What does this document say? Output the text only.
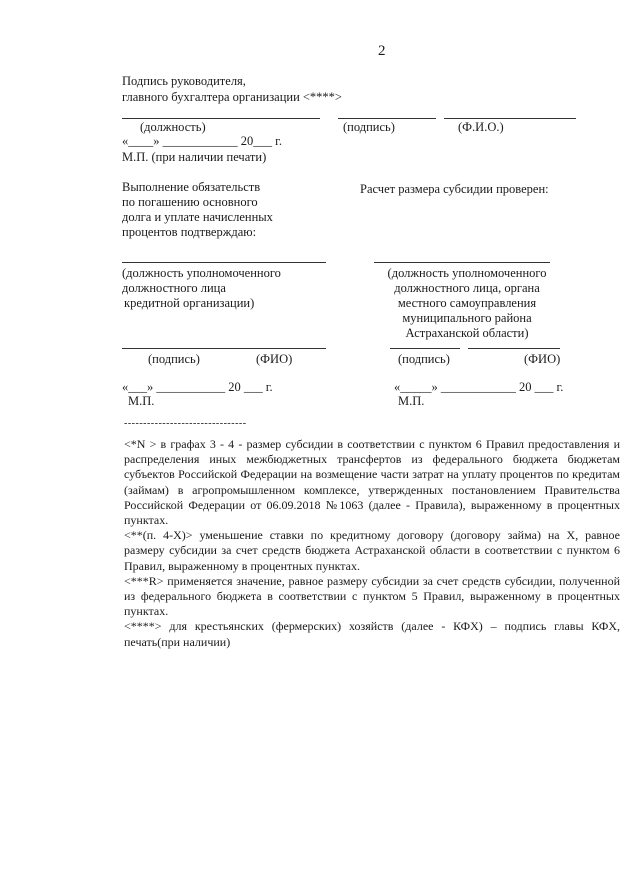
2
Подпись руководителя,
главного бухгалтера организации <****>
(должность)	(подпись)	(Ф.И.О.)
«____» ____________ 20___ г.
М.П. (при наличии печати)
Выполнение обязательств
по погашению основного
долга и уплате начисленных
процентов подтверждаю:
(должность уполномоченного
должностного лица
кредитной организации)
(подпись)	(ФИО)
«___» ___________ 20 ___ г.
М.П.
Расчет размера субсидии проверен:
(должность уполномоченного
должностного лица, органа
местного самоуправления
муниципального района
Астраханской области)
(подпись)	(ФИО)
«_____» ____________ 20 ___ г.
М.П.
--------------------------------

<*N > в графах 3 - 4 - размер субсидии в соответствии с пунктом 6 Правил предоставления и распределения иных межбюджетных трансфертов из федерального бюджета бюджетам субъектов Российской Федерации на возмещение части затрат на уплату процентов по кредитам (займам) в агропромышленном комплексе, утвержденных постановлением Правительства Российской Федерации от 06.09.2018 №1063 (далее - Правила), выраженному в процентных пунктах.

<**(п. 4-Х)> уменьшение ставки по кредитному договору (договору займа) на Х, равное размеру субсидии за счет средств бюджета Астраханской области в соответствии с пунктом 6 Правил, выраженному в процентных пунктах.

<***R> применяется значение, равное размеру субсидии за счет средств субсидии, полученной из федерального бюджета в соответствии с пунктом 5 Правил, выраженному в процентных пунктах.

<****> для крестьянских (фермерских) хозяйств (далее - КФХ) – подпись главы КФХ, печать(при наличии)
